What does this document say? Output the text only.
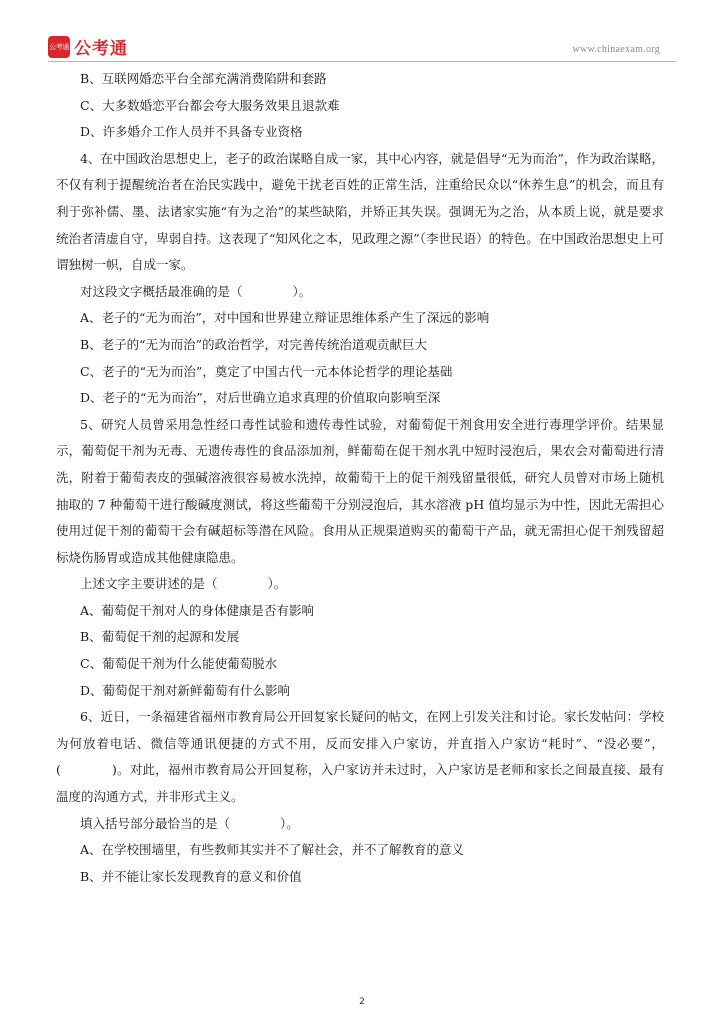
公考通 公考通	www.chinaexam.org

B、互联网婚恋平台全部充满消费陷阱和套路

C、大多数婚恋平台都会夸大服务效果且退款难

D、许多婚介工作人员并不具备专业资格

4、在中国政治思想史上，老子的政治谋略自成一家，其中心内容，就是倡导“无为而治”，作为政治谋略，不仅有利于提醒统治者在治民实践中，避免干扰老百姓的正常生活，注重给民众以“休养生息”的机会，而且有利于弥补儒、墨、法诸家实施“有为之治”的某些缺陷，并矫正其失误。强调无为之治，从本质上说，就是要求统治者清虚自守，卑弱自持。这表现了“知风化之本，见政理之源”（李世民语）的特色。在中国政治思想史上可谓独树一帜，自成一家。

对这段文字概括最准确的是（　　　　）。

A、老子的“无为而治”，对中国和世界建立辩证思维体系产生了深远的影响

B、老子的“无为而治”的政治哲学，对完善传统治道观贡献巨大

C、老子的“无为而治”，奠定了中国古代一元本体论哲学的理论基础

D、老子的“无为而治”，对后世确立追求真理的价值取向影响至深

5、研究人员曾采用急性经口毒性试验和遗传毒性试验，对葡萄促干剂食用安全进行毒理学评价。结果显示，葡萄促干剂为无毒、无遗传毒性的食品添加剂，鲜葡萄在促干剂水乳中短时浸泡后，果农会对葡萄进行清洗，附着于葡萄表皮的强碱溶液很容易被水洗掉，故葡萄干上的促干剂残留量很低，研究人员曾对市场上随机抽取的 7 种葡萄干进行酸碱度测试，将这些葡萄干分别浸泡后，其水溶液 pH 值均显示为中性，因此无需担心使用过促干剂的葡萄干会有碱超标等潜在风险。食用从正规渠道购买的葡萄干产品，就无需担心促干剂残留超标烧伤肠胃或造成其他健康隐患。

上述文字主要讲述的是（　　　　）。

A、葡萄促干剂对人的身体健康是否有影响

B、葡萄促干剂的起源和发展

C、葡萄促干剂为什么能使葡萄脱水

D、葡萄促干剂对新鲜葡萄有什么影响

6、近日，一条福建省福州市教育局公开回复家长疑问的帖文，在网上引发关注和讨论。家长发帖问：学校为何放着电话、微信等通讯便捷的方式不用，反而安排入户家访，并直指入户家访“耗时”、“没必要”，(　　　　)。对此，福州市教育局公开回复称，入户家访并未过时，入户家访是老师和家长之间最直接、最有温度的沟通方式，并非形式主义。

填入括号部分最恰当的是（　　　　）。

A、在学校围墙里，有些教师其实并不了解社会，并不了解教育的意义

B、并不能让家长发现教育的意义和价值

2
